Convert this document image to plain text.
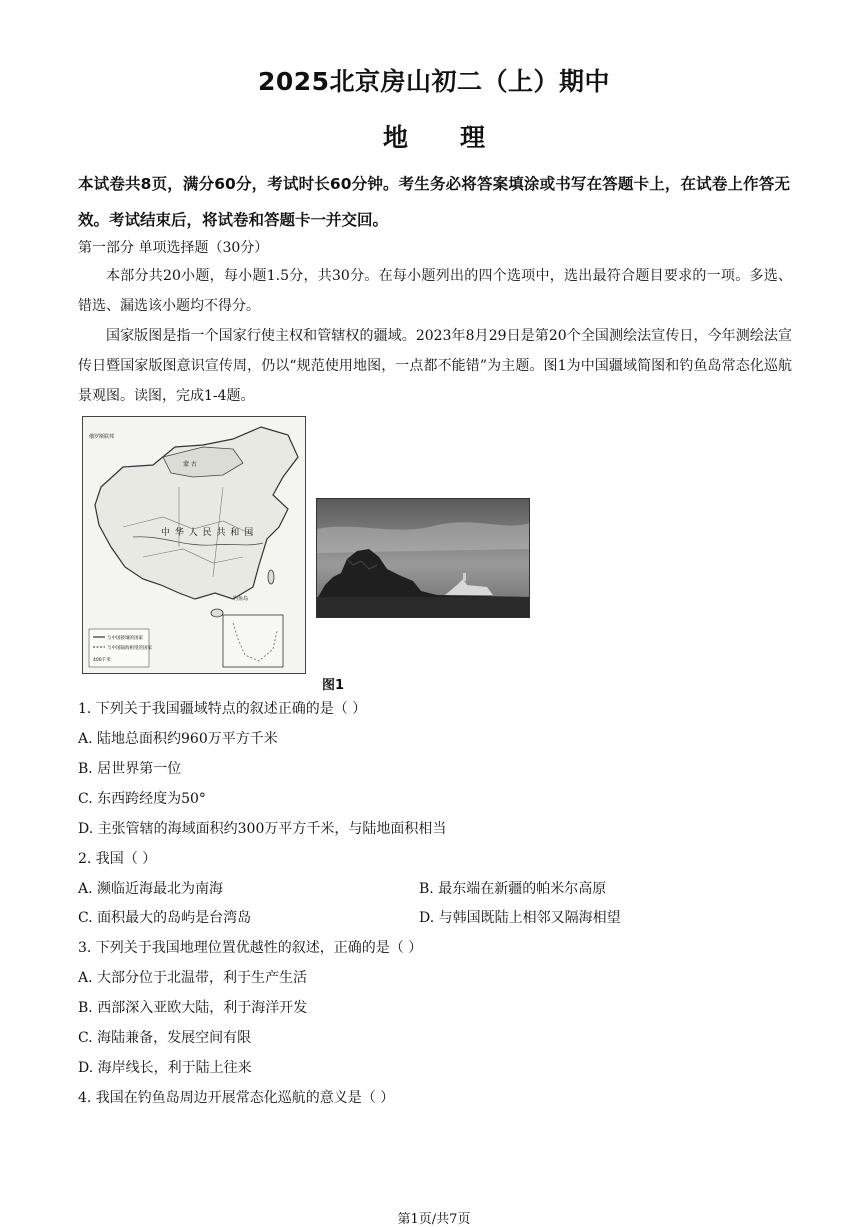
2025北京房山初二（上）期中
地 理
本试卷共8页，满分60分，考试时长60分钟。考生务必将答案填涂或书写在答题卡上，在试卷上作答无效。考试结束后，将试卷和答题卡一并交回。
第一部分 单项选择题（30分）
本部分共20小题，每小题1.5分，共30分。在每小题列出的四个选项中，选出最符合题目要求的一项。多选、错选、漏选该小题均不得分。
国家版图是指一个国家行使主权和管辖权的疆域。2023年8月29日是第20个全国测绘法宣传日，今年测绘法宣传日暨国家版图意识宣传周，仍以“规范使用地图，一点都不能错”为主题。图1为中国疆域简图和钓鱼岛常态化巡航景观图。读图，完成1-4题。
中 华 人 民 共 和 国
俄罗斯联邦
蒙 古
与中国接壤的国家
与中国隔海相望的国家
钓鱼岛
400千米
图1
1. 下列关于我国疆域特点的叙述正确的是（ ）
A. 陆地总面积约960万平方千米
B. 居世界第一位
C. 东西跨经度为50°
D. 主张管辖的海域面积约300万平方千米，与陆地面积相当
2. 我国（ ）
A. 濒临近海最北为南海	B. 最东端在新疆的帕米尔高原
C. 面积最大的岛屿是台湾岛	D. 与韩国既陆上相邻又隔海相望
3. 下列关于我国地理位置优越性的叙述，正确的是（ ）
A. 大部分位于北温带，利于生产生活
B. 西部深入亚欧大陆，利于海洋开发
C. 海陆兼备，发展空间有限
D. 海岸线长，利于陆上往来
4. 我国在钓鱼岛周边开展常态化巡航的意义是（ ）
第1页/共7页
